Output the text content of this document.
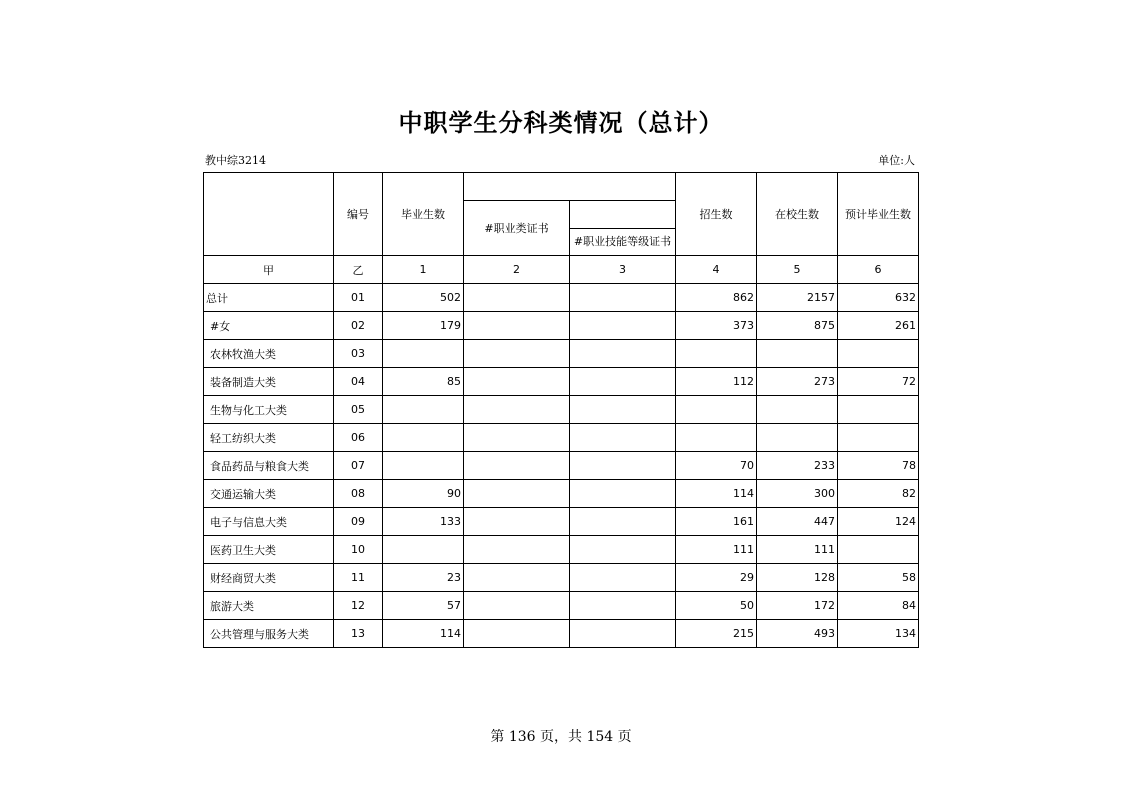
中职学生分科类情况（总计）
教中综3214	单位:人
	编号	毕业生数			招生数	在校生数	预计毕业生数
			#职业类证书				
				#职业技能等级证书			
甲	乙	1	2	3	4	5	6
总计	01	502			862	2157	632
#女	02	179			373	875	261
农林牧渔大类	03						
装备制造大类	04	85			112	273	72
生物与化工大类	05						
轻工纺织大类	06						
食品药品与粮食大类	07				70	233	78
交通运输大类	08	90			114	300	82
电子与信息大类	09	133			161	447	124
医药卫生大类	10				111	111	
财经商贸大类	11	23			29	128	58
旅游大类	12	57			50	172	84
公共管理与服务大类	13	114			215	493	134
第 136 页，共 154 页
